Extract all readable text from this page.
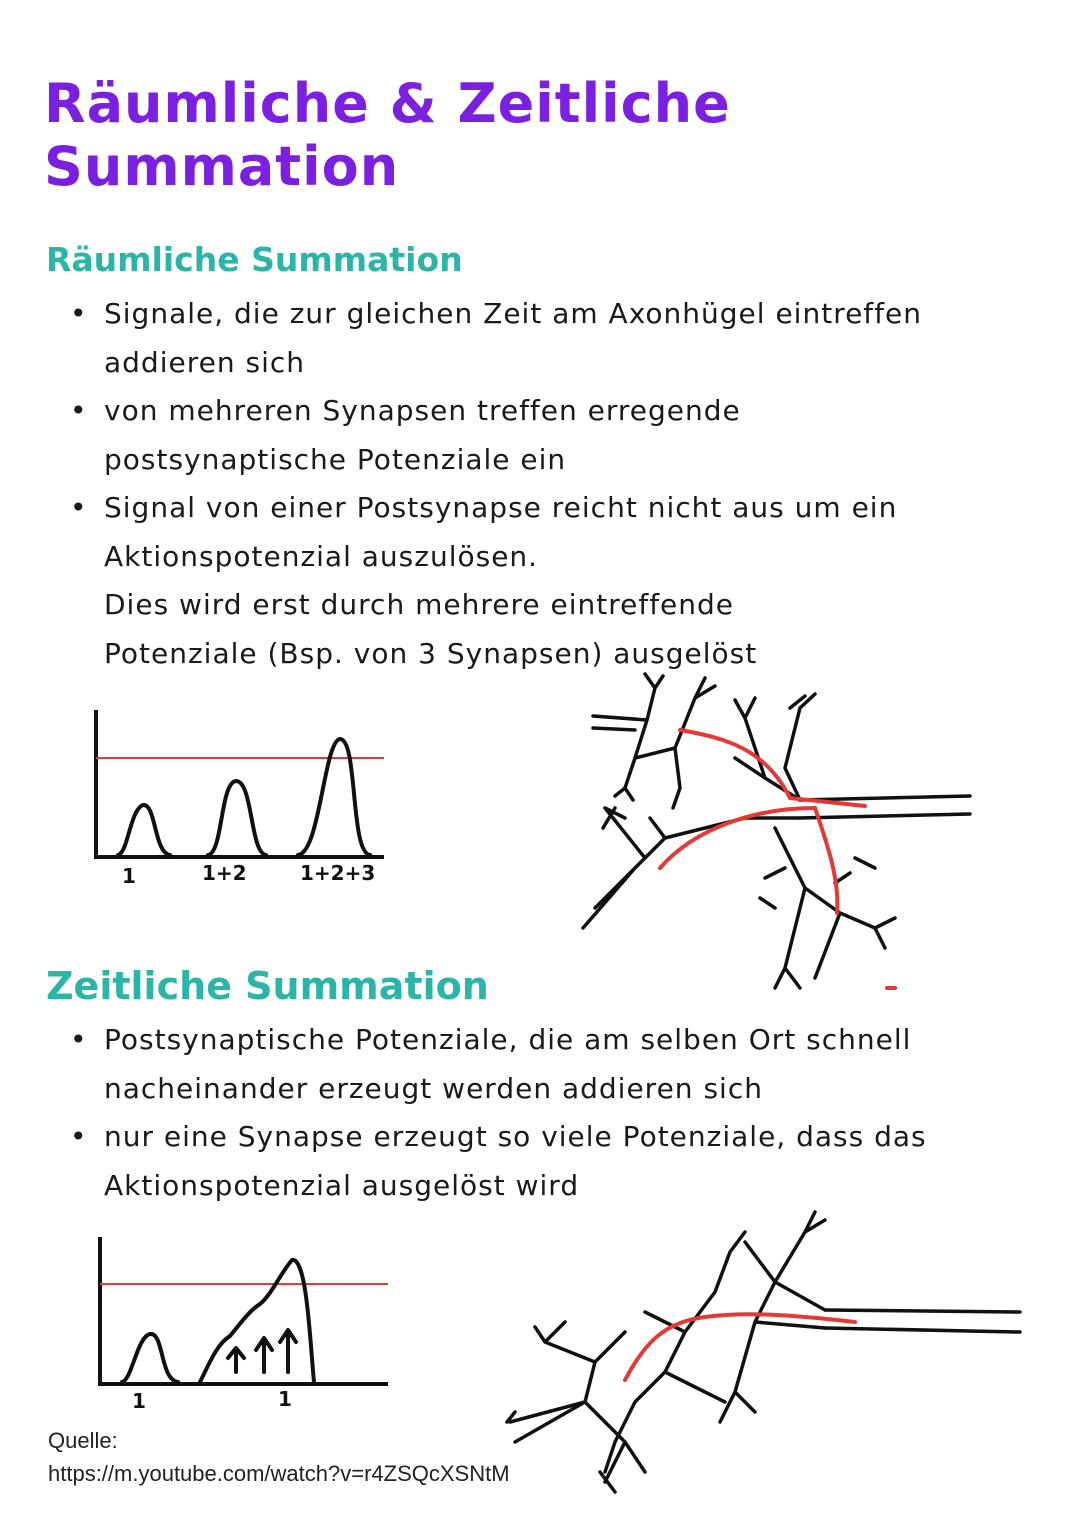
Räumliche & Zeitliche Summation
Räumliche Summation
• Signale, die zur gleichen Zeit am Axonhügel eintreffen
addieren sich
• von mehreren Synapsen treffen erregende
postsynaptische Potenziale ein
• Signal von einer Postsynapse reicht nicht aus um ein
Aktionspotenzial auszulösen.
Dies wird erst durch mehrere eintreffende
Potenziale (Bsp. von 3 Synapsen) ausgelöst
1	1+2	1+2+3
Zeitliche Summation
• Postsynaptische Potenziale, die am selben Ort schnell
nacheinander erzeugt werden addieren sich
• nur eine Synapse erzeugt so viele Potenziale, dass das
Aktionspotenzial ausgelöst wird
1	1
Quelle:
https://m.youtube.com/watch?v=r4ZSQcXSNtM
